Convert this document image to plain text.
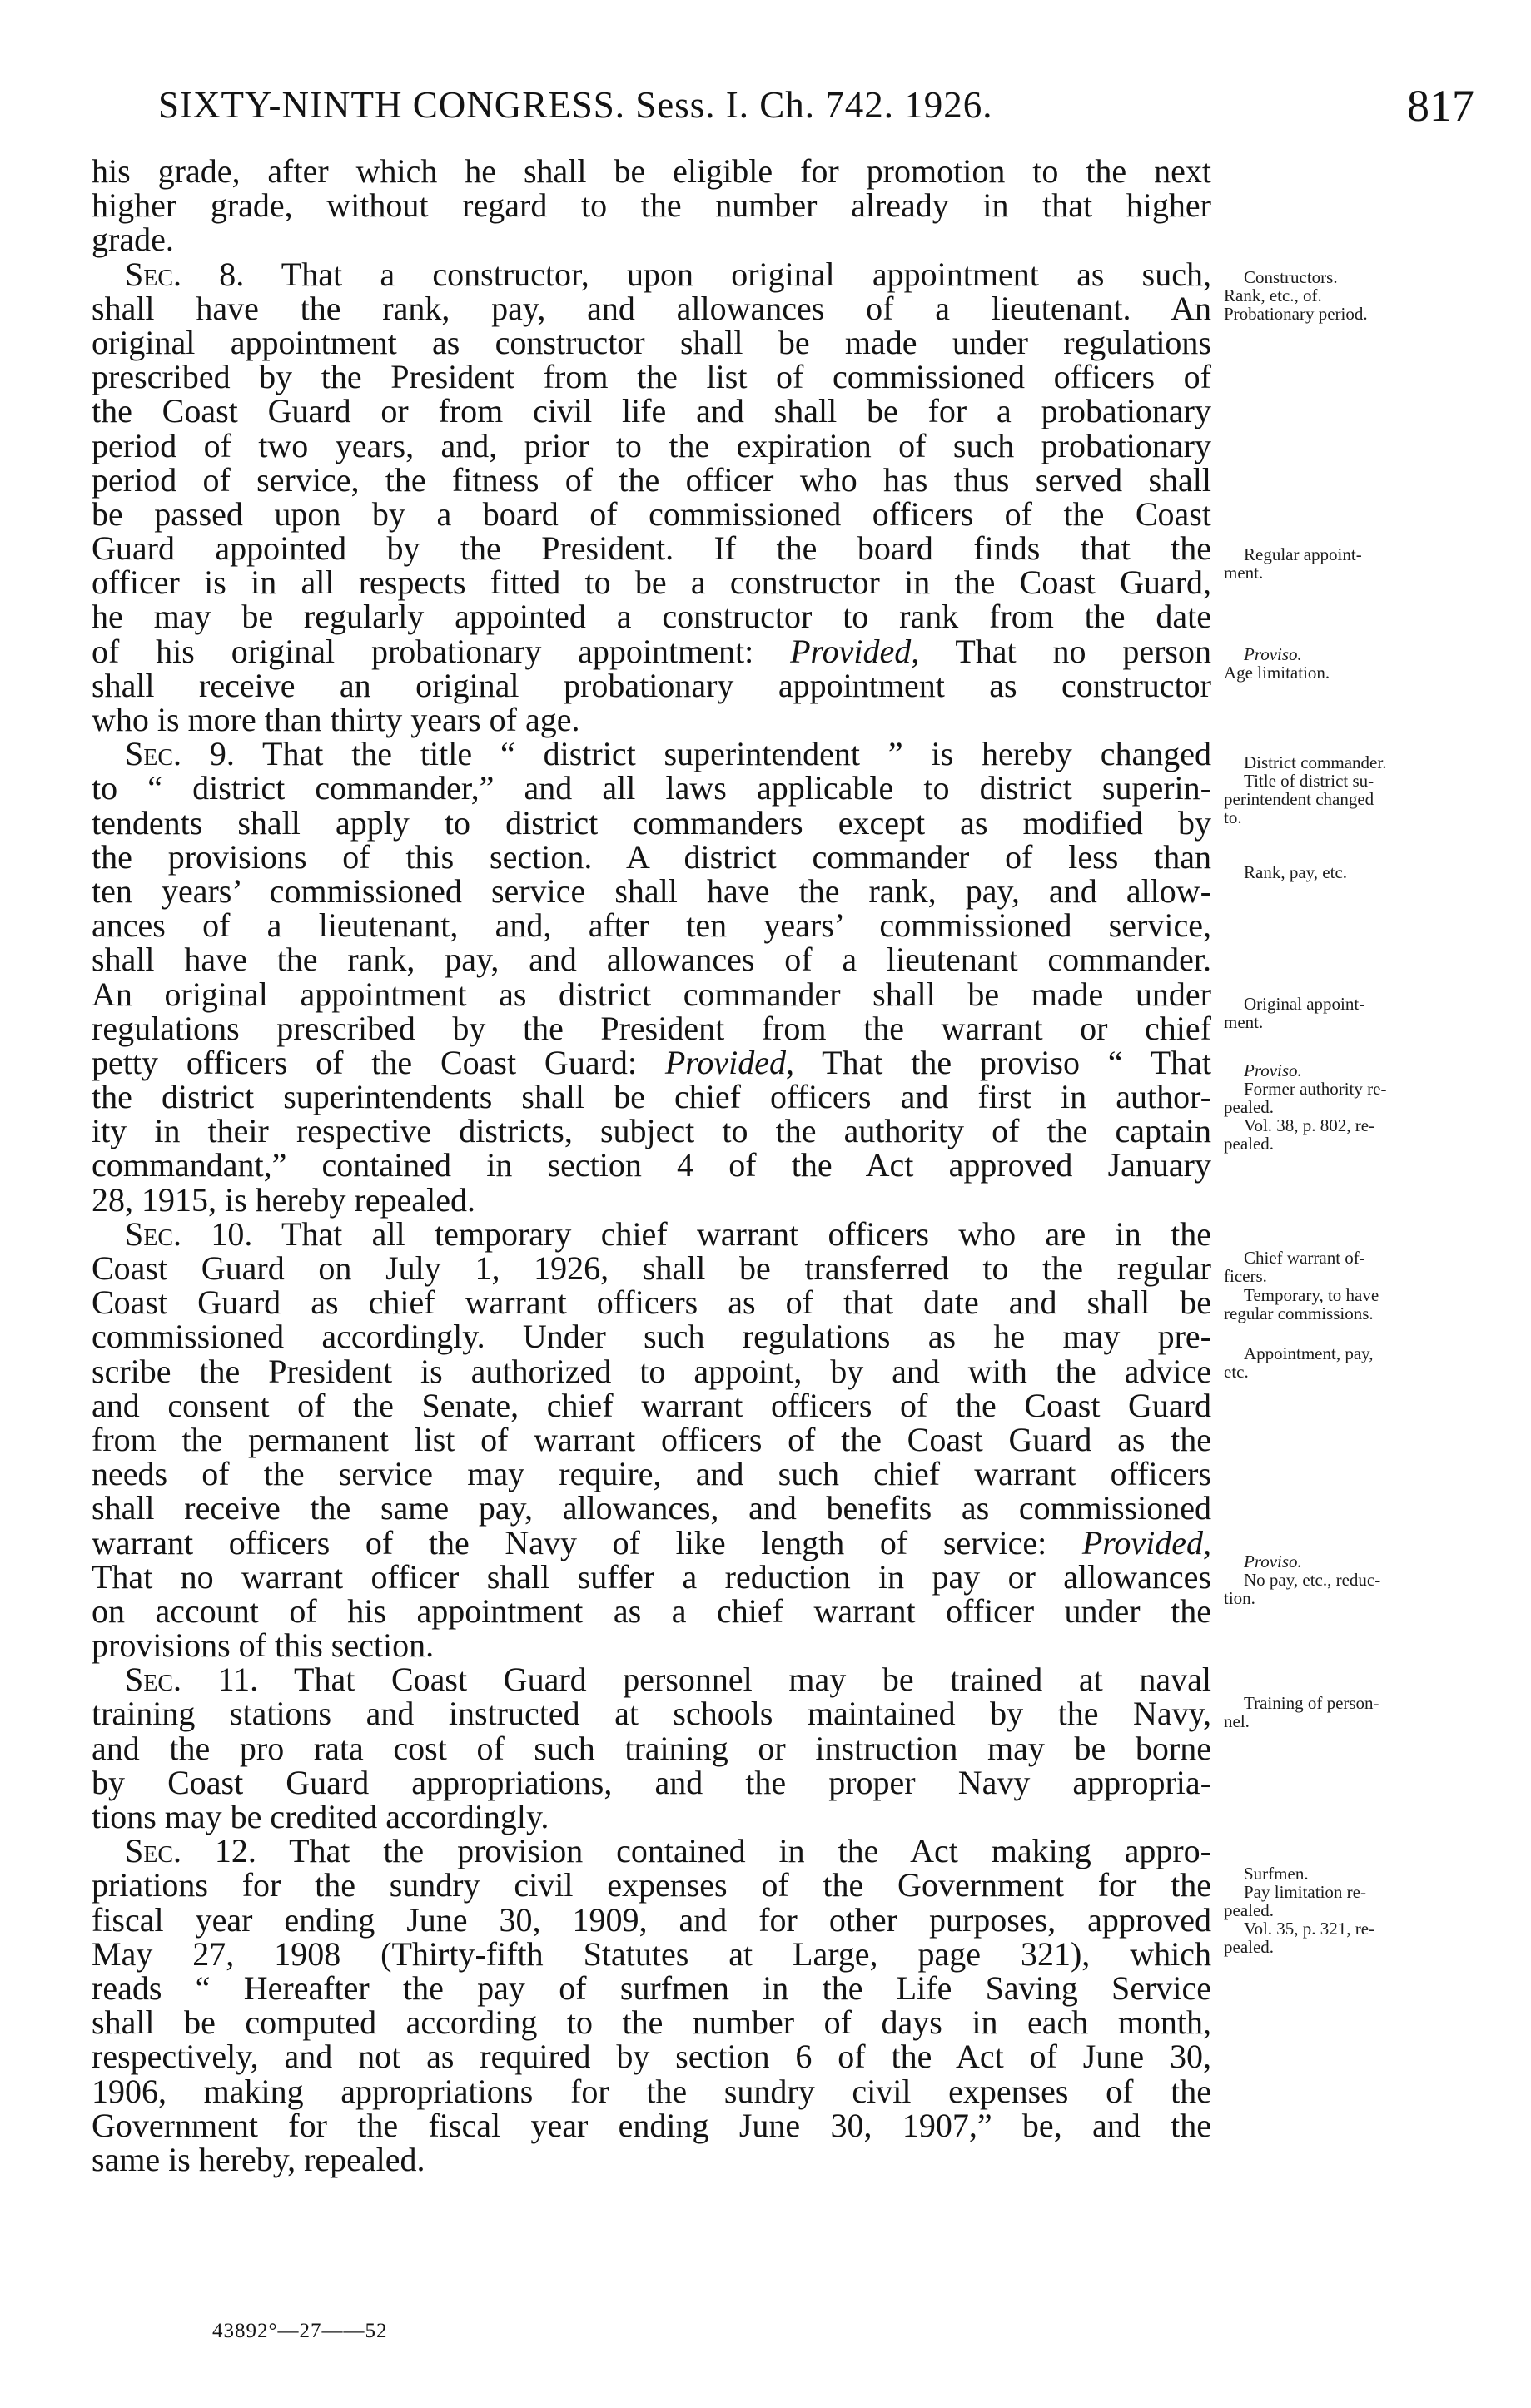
SIXTY-NINTH CONGRESS. Sess. I. Ch. 742. 1926.	817
his grade, after which he shall be eligible for promotion to the next
higher grade, without regard to the number already in that higher
grade.
Sec. 8. That a constructor, upon original appointment as such,
shall have the rank, pay, and allowances of a lieutenant. An
original appointment as constructor shall be made under regulations
prescribed by the President from the list of commissioned officers of
the Coast Guard or from civil life and shall be for a probationary
period of two years, and, prior to the expiration of such probationary
period of service, the fitness of the officer who has thus served shall
be passed upon by a board of commissioned officers of the Coast
Guard appointed by the President. If the board finds that the
officer is in all respects fitted to be a constructor in the Coast Guard,
he may be regularly appointed a constructor to rank from the date
of his original probationary appointment: Provided, That no person
shall receive an original probationary appointment as constructor
who is more than thirty years of age.
Sec. 9. That the title “ district superintendent ” is hereby changed
to “ district commander,” and all laws applicable to district superin-
tendents shall apply to district commanders except as modified by
the provisions of this section. A district commander of less than
ten years’ commissioned service shall have the rank, pay, and allow-
ances of a lieutenant, and, after ten years’ commissioned service,
shall have the rank, pay, and allowances of a lieutenant commander.
An original appointment as district commander shall be made under
regulations prescribed by the President from the warrant or chief
petty officers of the Coast Guard: Provided, That the proviso “ That
the district superintendents shall be chief officers and first in author-
ity in their respective districts, subject to the authority of the captain
commandant,” contained in section 4 of the Act approved January
28, 1915, is hereby repealed.
Sec. 10. That all temporary chief warrant officers who are in the
Coast Guard on July 1, 1926, shall be transferred to the regular
Coast Guard as chief warrant officers as of that date and shall be
commissioned accordingly. Under such regulations as he may pre-
scribe the President is authorized to appoint, by and with the advice
and consent of the Senate, chief warrant officers of the Coast Guard
from the permanent list of warrant officers of the Coast Guard as the
needs of the service may require, and such chief warrant officers
shall receive the same pay, allowances, and benefits as commissioned
warrant officers of the Navy of like length of service: Provided,
That no warrant officer shall suffer a reduction in pay or allowances
on account of his appointment as a chief warrant officer under the
provisions of this section.
Sec. 11. That Coast Guard personnel may be trained at naval
training stations and instructed at schools maintained by the Navy,
and the pro rata cost of such training or instruction may be borne
by Coast Guard appropriations, and the proper Navy appropria-
tions may be credited accordingly.
Sec. 12. That the provision contained in the Act making appro-
priations for the sundry civil expenses of the Government for the
fiscal year ending June 30, 1909, and for other purposes, approved
May 27, 1908 (Thirty-fifth Statutes at Large, page 321), which
reads “ Hereafter the pay of surfmen in the Life Saving Service
shall be computed according to the number of days in each month,
respectively, and not as required by section 6 of the Act of June 30,
1906, making appropriations for the sundry civil expenses of the
Government for the fiscal year ending June 30, 1907,” be, and the
same is hereby, repealed.
Constructors.
Rank, etc., of.
Probationary period.
Regular appoint-
ment.
Proviso.
Age limitation.
District commander.
Title of district su-
perintendent changed
to.
Rank, pay, etc.
Original appoint-
ment.
Proviso.
Former authority re-
pealed.
Vol. 38, p. 802, re-
pealed.
Chief warrant of-
ficers.
Temporary, to have
regular commissions.
Appointment, pay,
etc.
Proviso.
No pay, etc., reduc-
tion.
Training of person-
nel.
Surfmen.
Pay limitation re-
pealed.
Vol. 35, p. 321, re-
pealed.
43892°—27——52
